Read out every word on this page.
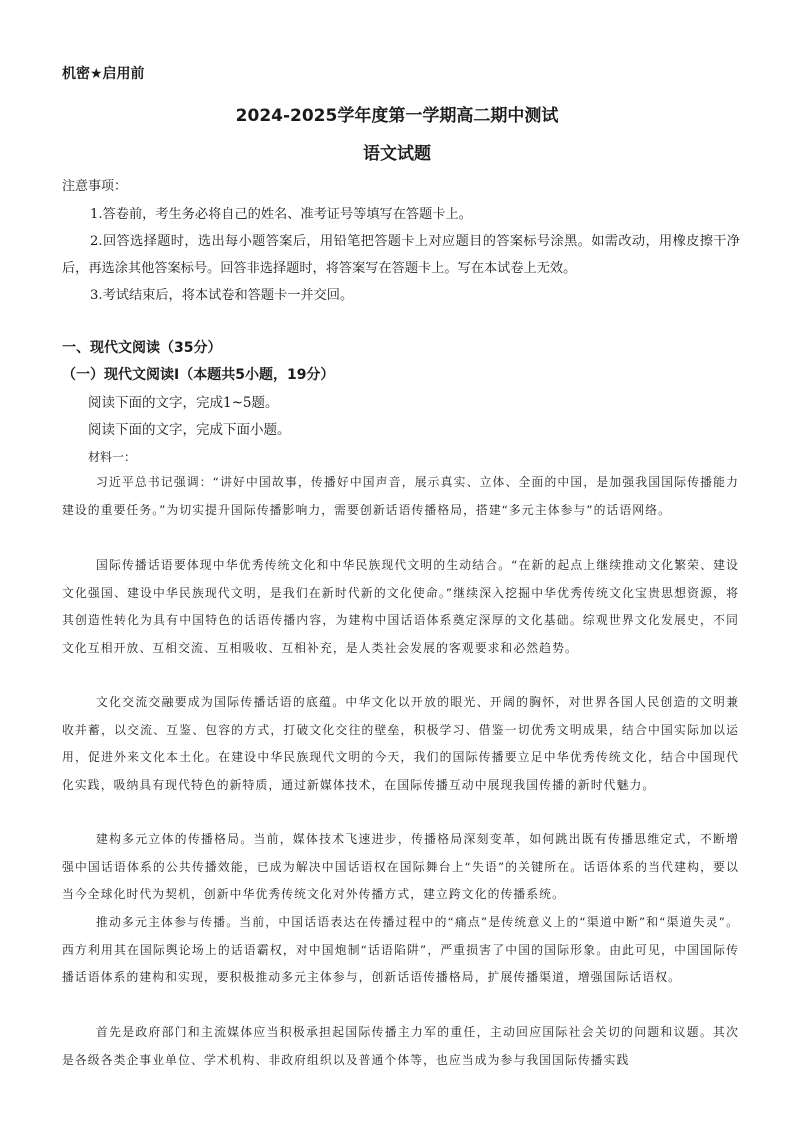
机密★启用前
2024-2025学年度第一学期高二期中测试
语文试题
注意事项：

1.答卷前，考生务必将自己的姓名、准考证号等填写在答题卡上。

2.回答选择题时，选出每小题答案后，用铅笔把答题卡上对应题目的答案标号涂黑。如需改动，用橡皮擦干净后，再选涂其他答案标号。回答非选择题时，将答案写在答题卡上。写在本试卷上无效。

3.考试结束后，将本试卷和答题卡一并交回。

一、现代文阅读（35分）
（一）现代文阅读Ⅰ（本题共5小题，19分）
阅读下面的文字，完成1~5题。
阅读下面的文字，完成下面小题。
材料一：

习近平总书记强调：“讲好中国故事，传播好中国声音，展示真实、立体、全面的中国，是加强我国国际传播能力建设的重要任务。”为切实提升国际传播影响力，需要创新话语传播格局，搭建“多元主体参与”的话语网络。

国际传播话语要体现中华优秀传统文化和中华民族现代文明的生动结合。“在新的起点上继续推动文化繁荣、建设文化强国、建设中华民族现代文明，是我们在新时代新的文化使命。”继续深入挖掘中华优秀传统文化宝贵思想资源，将其创造性转化为具有中国特色的话语传播内容，为建构中国话语体系奠定深厚的文化基础。综观世界文化发展史，不同文化互相开放、互相交流、互相吸收、互相补充，是人类社会发展的客观要求和必然趋势。

文化交流交融要成为国际传播话语的底蕴。中华文化以开放的眼光、开阔的胸怀，对世界各国人民创造的文明兼收并蓄，以交流、互鉴、包容的方式，打破文化交往的壁垒，积极学习、借鉴一切优秀文明成果，结合中国实际加以运用，促进外来文化本土化。在建设中华民族现代文明的今天，我们的国际传播要立足中华优秀传统文化，结合中国现代化实践，吸纳具有现代特色的新特质，通过新媒体技术，在国际传播互动中展现我国传播的新时代魅力。

建构多元立体的传播格局。当前，媒体技术飞速进步，传播格局深刻变革，如何跳出既有传播思维定式，不断增强中国话语体系的公共传播效能，已成为解决中国话语权在国际舞台上“失语”的关键所在。话语体系的当代建构，要以当今全球化时代为契机，创新中华优秀传统文化对外传播方式，建立跨文化的传播系统。

推动多元主体参与传播。当前，中国话语表达在传播过程中的“痛点”是传统意义上的“渠道中断”和“渠道失灵”。西方利用其在国际舆论场上的话语霸权，对中国炮制“话语陷阱”，严重损害了中国的国际形象。由此可见，中国国际传播话语体系的建构和实现，要积极推动多元主体参与，创新话语传播格局，扩展传播渠道，增强国际话语权。

首先是政府部门和主流媒体应当积极承担起国际传播主力军的重任，主动回应国际社会关切的问题和议题。其次是各级各类企事业单位、学术机构、非政府组织以及普通个体等，也应当成为参与我国国际传播实践
